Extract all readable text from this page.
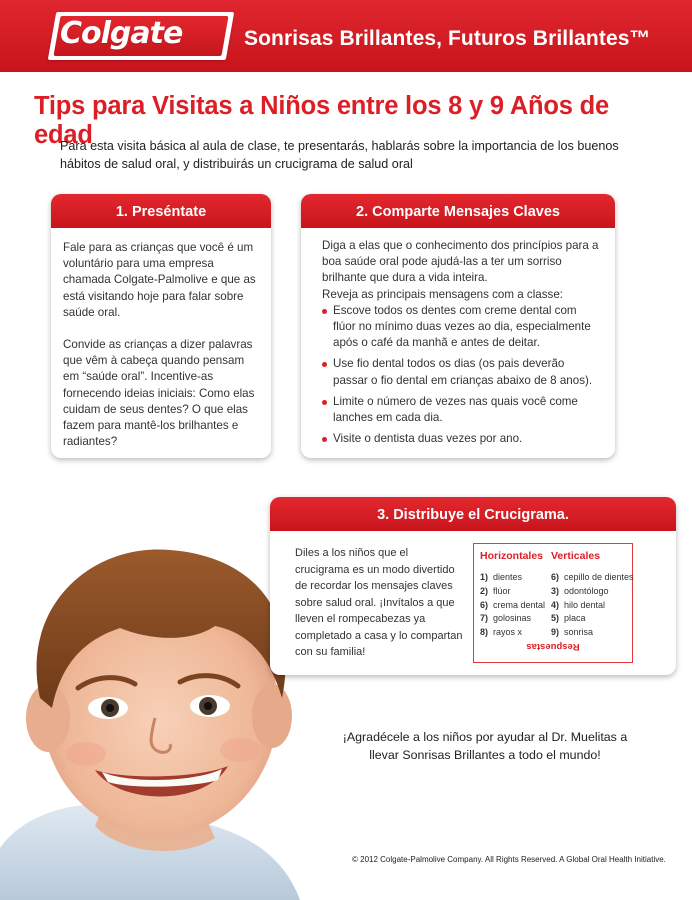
Colgate	Sonrisas Brillantes, Futuros Brillantes™
Tips para Visitas a Niños entre los 8 y 9 Años de edad
Para esta visita básica al aula de clase, te presentarás, hablarás sobre la importancia de los buenos hábitos de salud oral, y distribuirás un crucigrama de salud oral
1. Preséntate

Fale para as crianças que você é um voluntário para uma empresa chamada Colgate-Palmolive e que as está visitando hoje para falar sobre saúde oral.

Convide as crianças a dizer palavras que vêm à cabeça quando pensam em “saúde oral”. Incentive-as fornecendo ideias iniciais: Como elas cuidam de seus dentes? O que elas fazem para mantê-los brilhantes e radiantes?

2. Comparte Mensajes Claves

Diga a elas que o conhecimento dos princípios para a boa saúde oral pode ajudá-las a ter um sorriso brilhante que dura a vida inteira.

Reveja as principais mensagens com a classe:

Escove todos os dentes com creme dental com flúor no mínimo duas vezes ao dia, especialmente após o café da manhã e antes de deitar.
Use fio dental todos os dias (os pais deverão passar o fio dental em crianças abaixo de 8 anos).
Limite o número de vezes nas quais você come lanches em cada dia.
Visite o dentista duas vezes por ano.
3. Distribuye el Crucigrama.
Diles a los niños que el crucigrama es un modo divertido de recordar los mensajes claves sobre salud oral. ¡Invítalos a que lleven el rompecabezas ya completado a casa y lo compartan con su familia!
Horizontales Verticales
1) dientes
2) flúor
6) crema dental
7) golosinas
8) rayos x
6) cepillo de dientes
3) odontólogo
4) hilo dental
5) placa
9) sonrisa
Respuestas
¡Agradécele a los niños por ayudar al Dr. Muelitas a llevar Sonrisas Brillantes a todo el mundo!
© 2012 Colgate-Palmolive Company. All Rights Reserved. A Global Oral Health Initiative.
